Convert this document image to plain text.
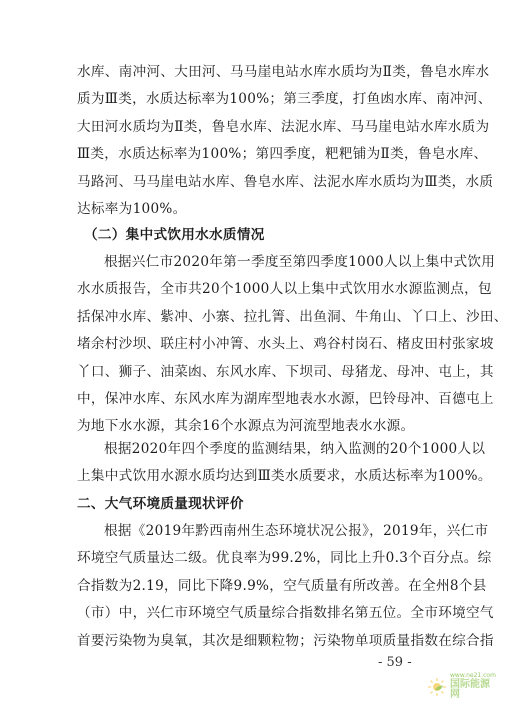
水库、南冲河、大田河、马马崖电站水库水质均为Ⅱ类，鲁皂水库水
质为Ⅲ类，水质达标率为100%；第三季度，打鱼凼水库、南冲河、
大田河水质均为Ⅱ类，鲁皂水库、法泥水库、马马崖电站水库水质为
Ⅲ类，水质达标率为100%；第四季度，粑粑铺为Ⅱ类，鲁皂水库、
马路河、马马崖电站水库、鲁皂水库、法泥水库水质均为Ⅲ类，水质
达标率为100%。
（二）集中式饮用水水质情况
根据兴仁市2020年第一季度至第四季度1000人以上集中式饮用
水水质报告，全市共20个1000人以上集中式饮用水水源监测点，包
括保冲水库、紫冲、小寨、拉扎箐、出鱼洞、牛角山、丫口上、沙田、
堵余村沙坝、联庄村小冲箐、水头上、鸡谷村岗石、楮皮田村张家坡
丫口、狮子、油菜凼、东风水库、下坝司、母猪龙、母冲、屯上，其
中，保冲水库、东风水库为湖库型地表水水源，巴铃母冲、百德屯上
为地下水水源，其余16个水源点为河流型地表水水源。
根据2020年四个季度的监测结果，纳入监测的20个1000人以
上集中式饮用水源水质均达到Ⅲ类水质要求，水质达标率为100%。
二、大气环境质量现状评价
根据《2019年黔西南州生态环境状况公报》，2019年，兴仁市
环境空气质量达二级。优良率为99.2%，同比上升0.3个百分点。综
合指数为2.19，同比下降9.9%，空气质量有所改善。在全州8个县
（市）中，兴仁市环境空气质量综合指数排名第五位。全市环境空气
首要污染物为臭氧，其次是细颗粒物；污染物单项质量指数在综合指
- 59 -
www.ne21.com
国际能源网
